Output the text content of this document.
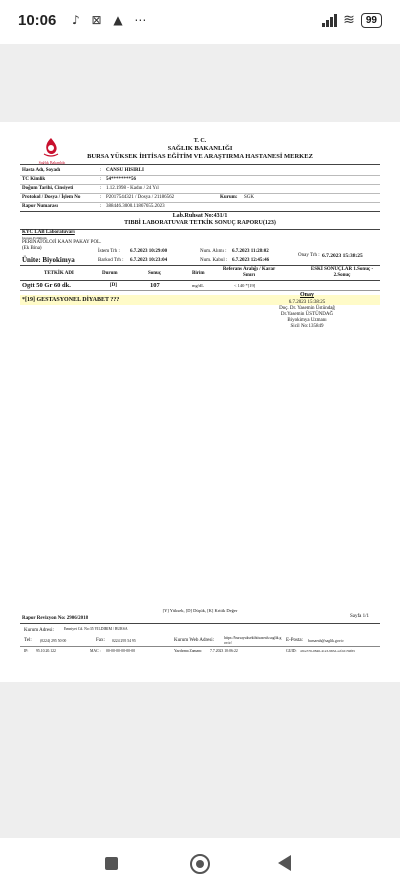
10:06 ♪ ⊠ ▲ ⋯	≋	99
Sağlık Bakanlığı
T. C.
SAĞLIK BAKANLIĞI
BURSA YÜKSEK İHTİSAS EĞİTİM VE ARAŞTIRMA HASTANESİ MERKEZ
Hasta Adı, Soyadı	: CANSU HISIRLI
TC Kimlik	: 54********56
Doğum Tarihi, Cinsiyeti	: 1.12.1998 - Kadın / 24 Yıl
Protokol / Dosya / İşlem No	: P2017544321 / Dosya / 21186562	Kurum: SGK
Rapor Numarası	: 388446.3000.11867655.2023
Lab.Ruhsat No:431/1
TIBBİ LABORATUVAR TETKİK SONUÇ RAPORU(123)
KYC LAB Laboratuvarı
İstenen Poliklinik
PERİNATOLOJİ KAAN PAKAY POL.
(Ek Bina)
Ünite: Biyokimya
İstem Trh : 6.7.2023 10:29:00
Barkod Trh : 6.7.2023 10:23:04
Num. Alımı : 6.7.2023 11:28:02
Num. Kabul : 6.7.2023 12:45:46
Onay Trh : 6.7.2023 15:38:25
TETKİK ADI	Durum	Sonuç	Birim
Referans Aralığı / Karar Sınırı
ESKİ SONUÇLAR 1.Sonuç - 2.Sonuç
Ogtt 50 Gr 60 dk.	[D]	107	mg/dL	< 140 *[19]
*[19] GESTASYONEL DİYABET ???
Onay
6.7.2023 15:38:25
Doç. Dr. Yasemin Üstündağ
Dr.Yasemin ÜSTÜNDAĞ
Biyokimya Uzmanı
Sicil No:135849
[Y] Yüksek, [D] Düşük, [K] Kritik Değer
Rapor Revizyon No: 2906/2018	Sayfa 1/1
Kurum Adresi:	Emniyet Cd. No:35 YILDIRIM / BURSA
Tel: (0224) 295 50 00	Fax: 0224 295 54 95	Kurum Web Adresi:	https://bursayuksekihtisaseah.saglik.gov.tr/	E-Posta: bursaeah@saglik.gov.tr
IP: 95.10.20.122	MAC : 00-00-00-00-00-00	Yazdırma Zamanı: 7.7.2023 10:06:22	GUID: a5be576-0846-41a3-965d-acfd2159f65
